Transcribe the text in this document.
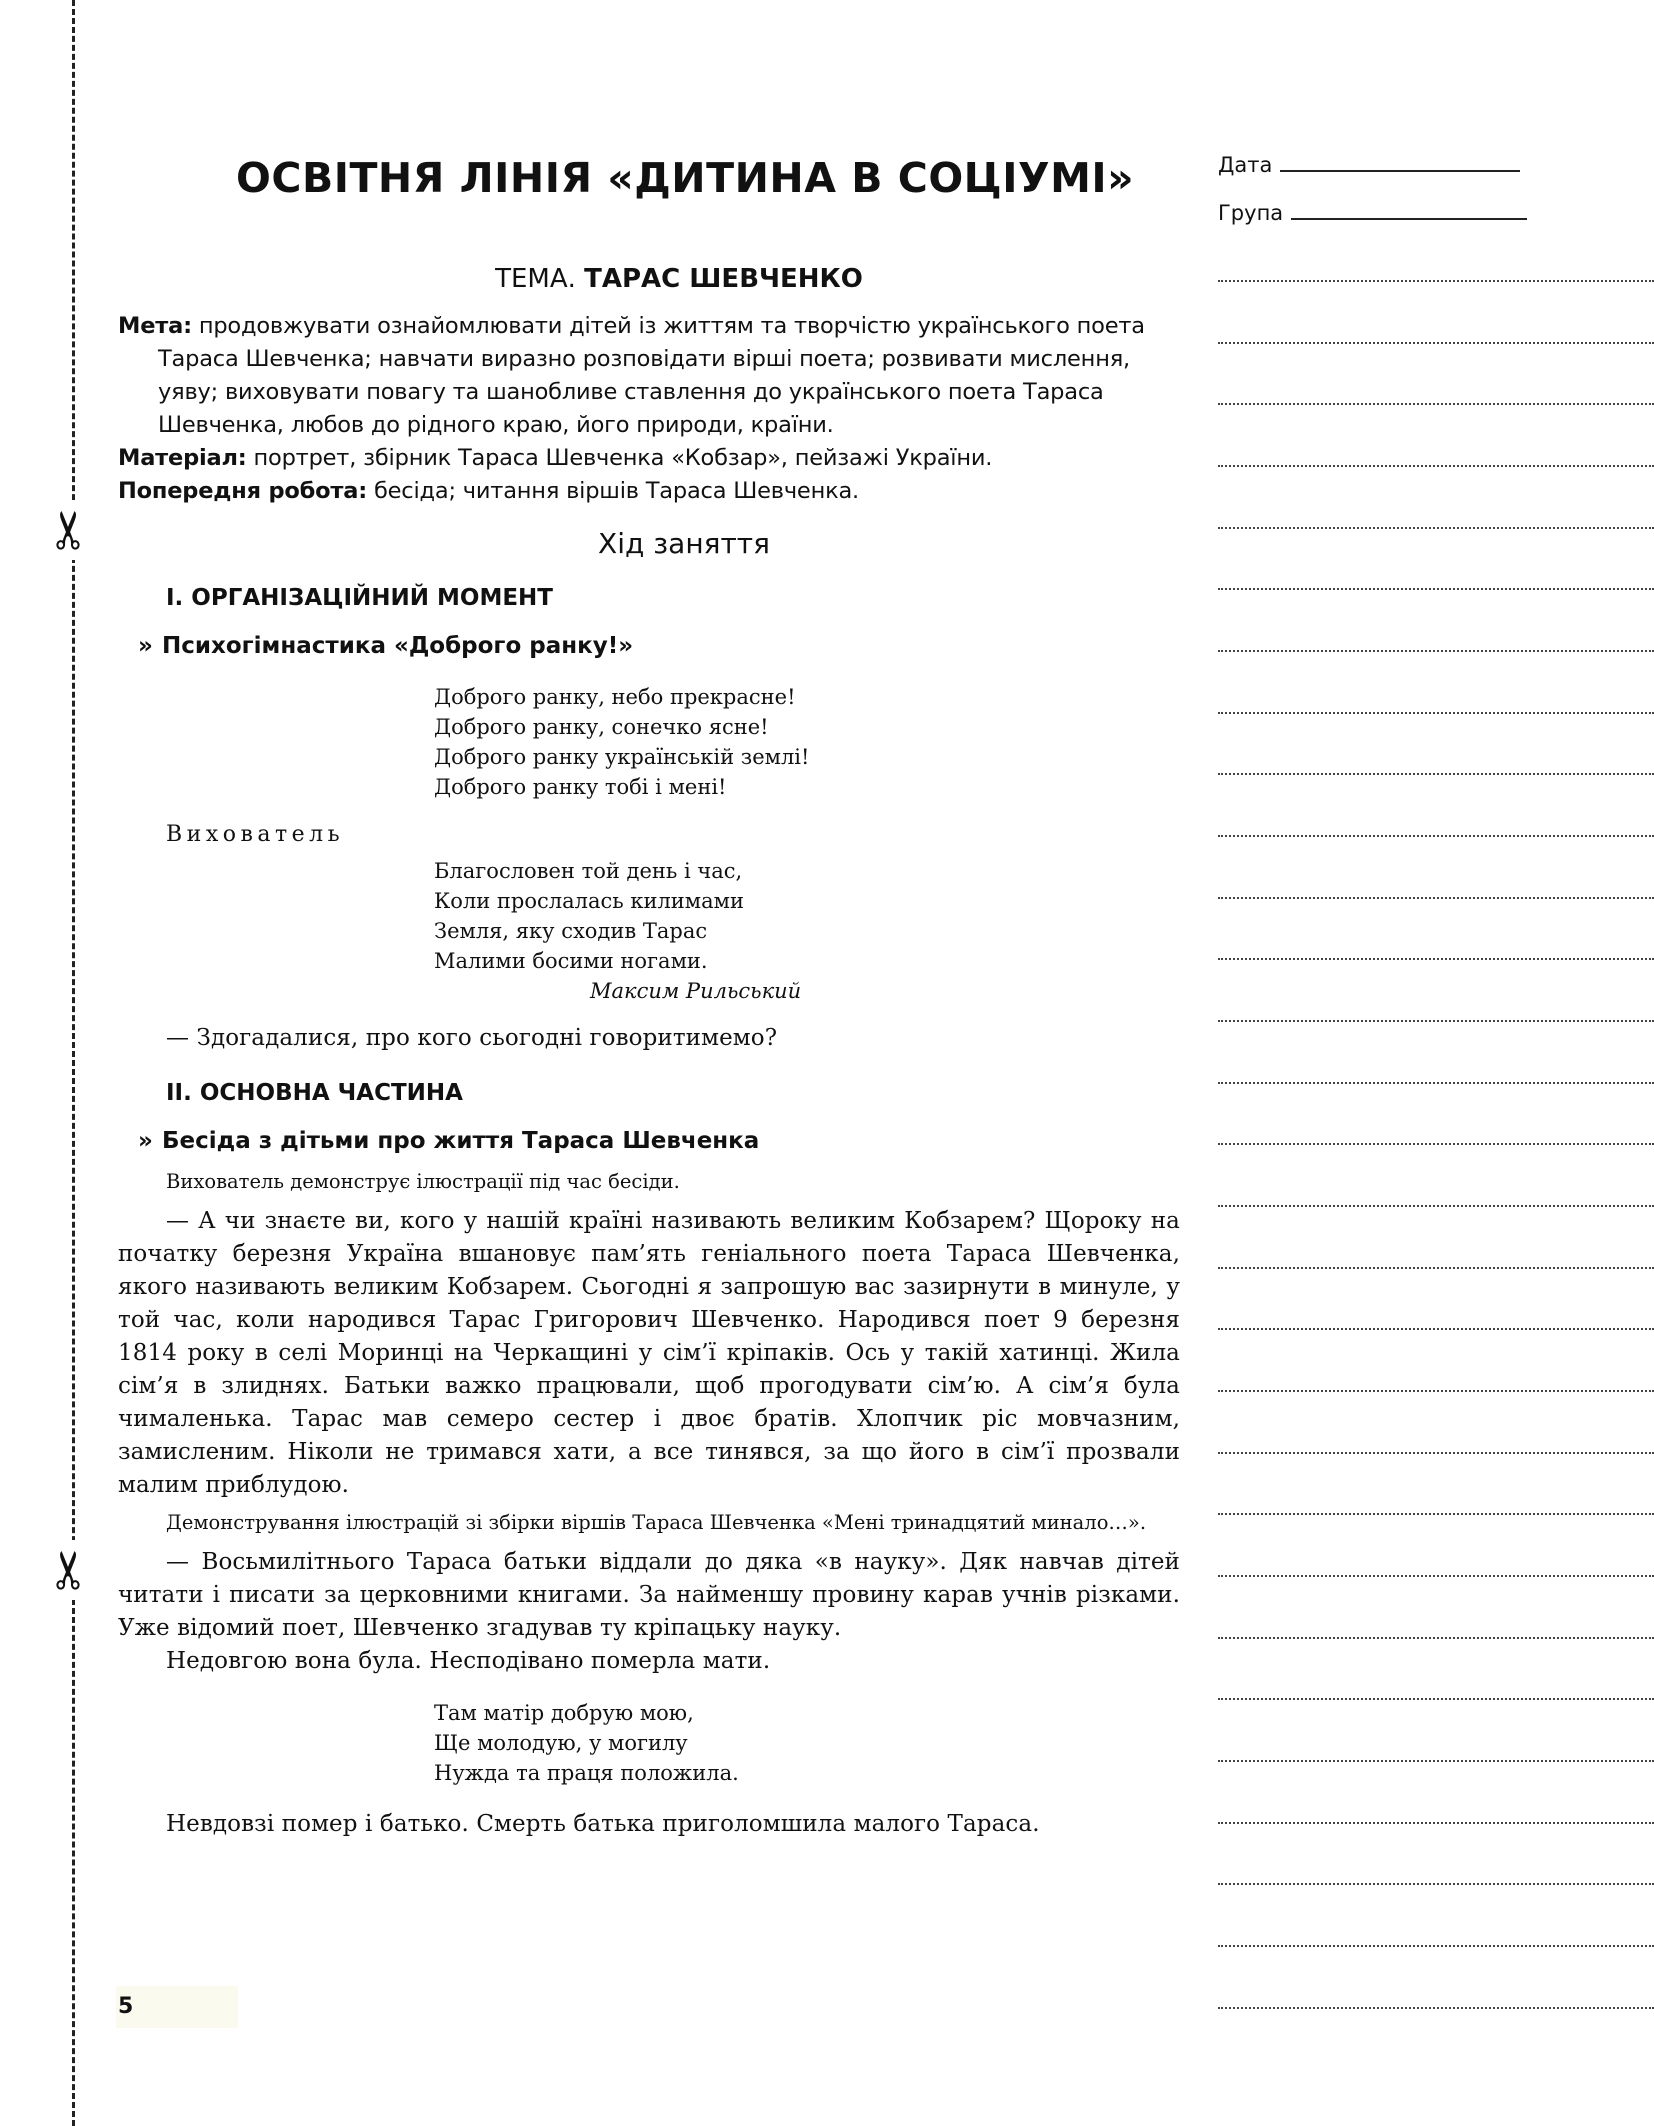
✂
✂
ОСВІТНЯ ЛІНІЯ «ДИТИНА В СОЦІУМІ»
ТЕМА. ТАРАС ШЕВЧЕНКО

Мета: продовжувати ознайомлювати дітей із життям та творчістю українського поета Тараса Шевченка; навчати виразно розповідати вірші поета; розвивати мислення, уяву; виховувати повагу та шанобливе ставлення до українського поета Тараса Шевченка, любов до рідного краю, його природи, країни.

Матеріал: портрет, збірник Тараса Шевченка «Кобзар», пейзажі України.

Попередня робота: бесіда; читання віршів Тараса Шевченка.

Хід заняття
І. ОРГАНІЗАЦІЙНИЙ МОМЕНТ
» Психогімнастика «Доброго ранку!»

Доброго ранку, небо прекрасне!

Доброго ранку, сонечко ясне!

Доброго ранку українській землі!

Доброго ранку тобі і мені!

Вихователь

Благословен той день і час,

Коли прослалась килимами

Земля, яку сходив Тарас

Малими босими ногами.

Максим Рильський

— Здогадалися, про кого сьогодні говоритимемо?

ІІ. ОСНОВНА ЧАСТИНА
» Бесіда з дітьми про життя Тараса Шевченка

Вихователь демонструє ілюстрації під час бесіди.

— А чи знаєте ви, кого у нашій країні називають великим Кобзарем? Щороку на початку березня Україна вшановує пам’ять геніального поета Тараса Шевченка, якого називають великим Кобзарем. Сьогодні я запрошую вас зазирнути в минуле, у той час, коли народився Тарас Григорович Шевченко. Народився поет 9 березня 1814 року в селі Моринці на Черкащині у сім’ї кріпаків. Ось у такій хатинці. Жила сім’я в злиднях. Батьки важко працювали, щоб прогодувати сім’ю. А сім’я була чималенька. Тарас мав семеро сестер і двоє братів. Хлопчик ріс мовчазним, замисленим. Ніколи не тримався хати, а все тинявся, за що його в сім’ї прозвали малим приблудою.

Демонстрування ілюстрацій зі збірки віршів Тараса Шевченка «Мені тринадцятий минало…».

— Восьмилітнього Тараса батьки віддали до дяка «в науку». Дяк навчав дітей читати і писати за церковними книгами. За найменшу провину карав учнів різками. Уже відомий поет, Шевченко згадував ту кріпацьку науку.

Недовгою вона була. Несподівано померла мати.

Там матір добрую мою,

Ще молодую, у могилу

Нужда та праця положила.

Невдовзі помер і батько. Смерть батька приголомшила малого Тараса.

5
Дата
Група
